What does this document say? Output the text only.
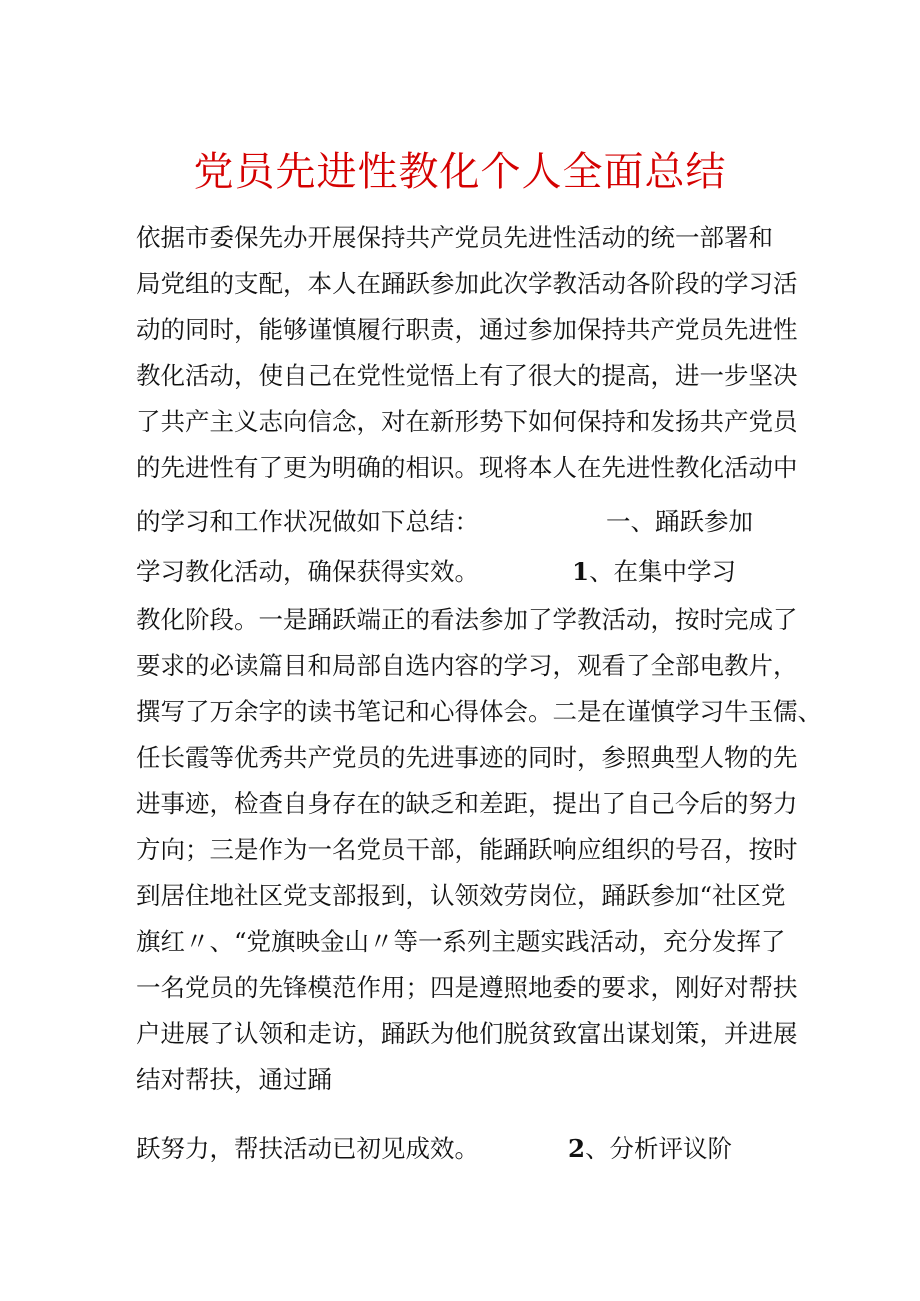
党员先进性教化个人全面总结
依据市委保先办开展保持共产党员先进性活动的统一部署和
局党组的支配，本人在踊跃参加此次学教活动各阶段的学习活
动的同时，能够谨慎履行职责，通过参加保持共产党员先进性
教化活动，使自己在党性觉悟上有了很大的提高，进一步坚决
了共产主义志向信念，对在新形势下如何保持和发扬共产党员
的先进性有了更为明确的相识。现将本人在先进性教化活动中
的学习和工作状况做如下总结：	一、踊跃参加
学习教化活动，确保获得实效。	1、在集中学习
教化阶段。一是踊跃端正的看法参加了学教活动，按时完成了
要求的必读篇目和局部自选内容的学习，观看了全部电教片，
撰写了万余字的读书笔记和心得体会。二是在谨慎学习牛玉儒、
任长霞等优秀共产党员的先进事迹的同时，参照典型人物的先
进事迹，检查自身存在的缺乏和差距，提出了自己今后的努力
方向；三是作为一名党员干部，能踊跃响应组织的号召，按时
到居住地社区党支部报到，认领效劳岗位，踊跃参加“社区党
旗红〃、“党旗映金山〃等一系列主题实践活动，充分发挥了
一名党员的先锋模范作用；四是遵照地委的要求，刚好对帮扶
户进展了认领和走访，踊跃为他们脱贫致富出谋划策，并进展
结对帮扶，通过踊
跃努力，帮扶活动已初见成效。	2、分析评议阶
